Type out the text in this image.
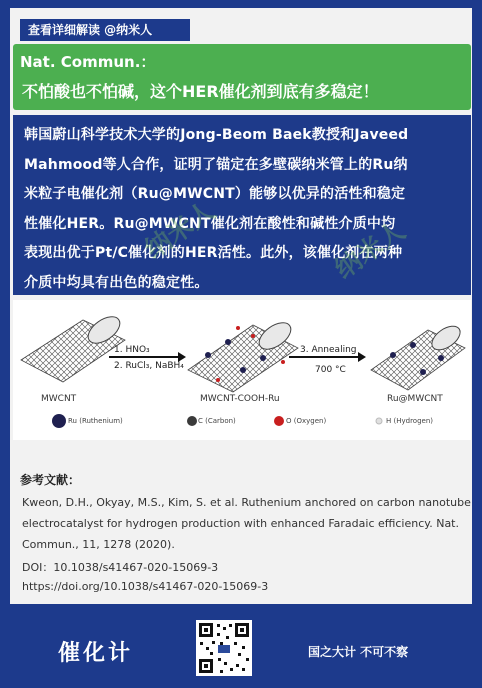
查看详细解读 @纳米人
Nat. Commun.：
不怕酸也不怕碱，这个HER催化剂到底有多稳定！
韩国蔚山科学技术大学的Jong-Beom Baek教授和Javeed
Mahmood等人合作，证明了锚定在多壁碳纳米管上的Ru纳
米粒子电催化剂（Ru@MWCNT）能够以优异的活性和稳定
性催化HER。Ru@MWCNT催化剂在酸性和碱性介质中均
表现出优于Pt/C催化剂的HER活性。此外，该催化剂在两种
介质中均具有出色的稳定性。
纳米人	纳米人
1. HNO₃
2. RuCl₃, NaBH₄
3. Annealing
700 °C
MWCNT	MWCNT-COOH-Ru	Ru@MWCNT
Ru (Ruthenium)	C (Carbon)	O (Oxygen)	H (Hydrogen)
参考文献：
Kweon, D.H., Okyay, M.S., Kim, S. et al. Ruthenium anchored on carbon nanotube
electrocatalyst for hydrogen production with enhanced Faradaic efficiency. Nat.
Commun., 11, 1278 (2020).
DOI：10.1038/s41467-020-15069-3
https://doi.org/10.1038/s41467-020-15069-3
催化计	国之大计 不可不察
